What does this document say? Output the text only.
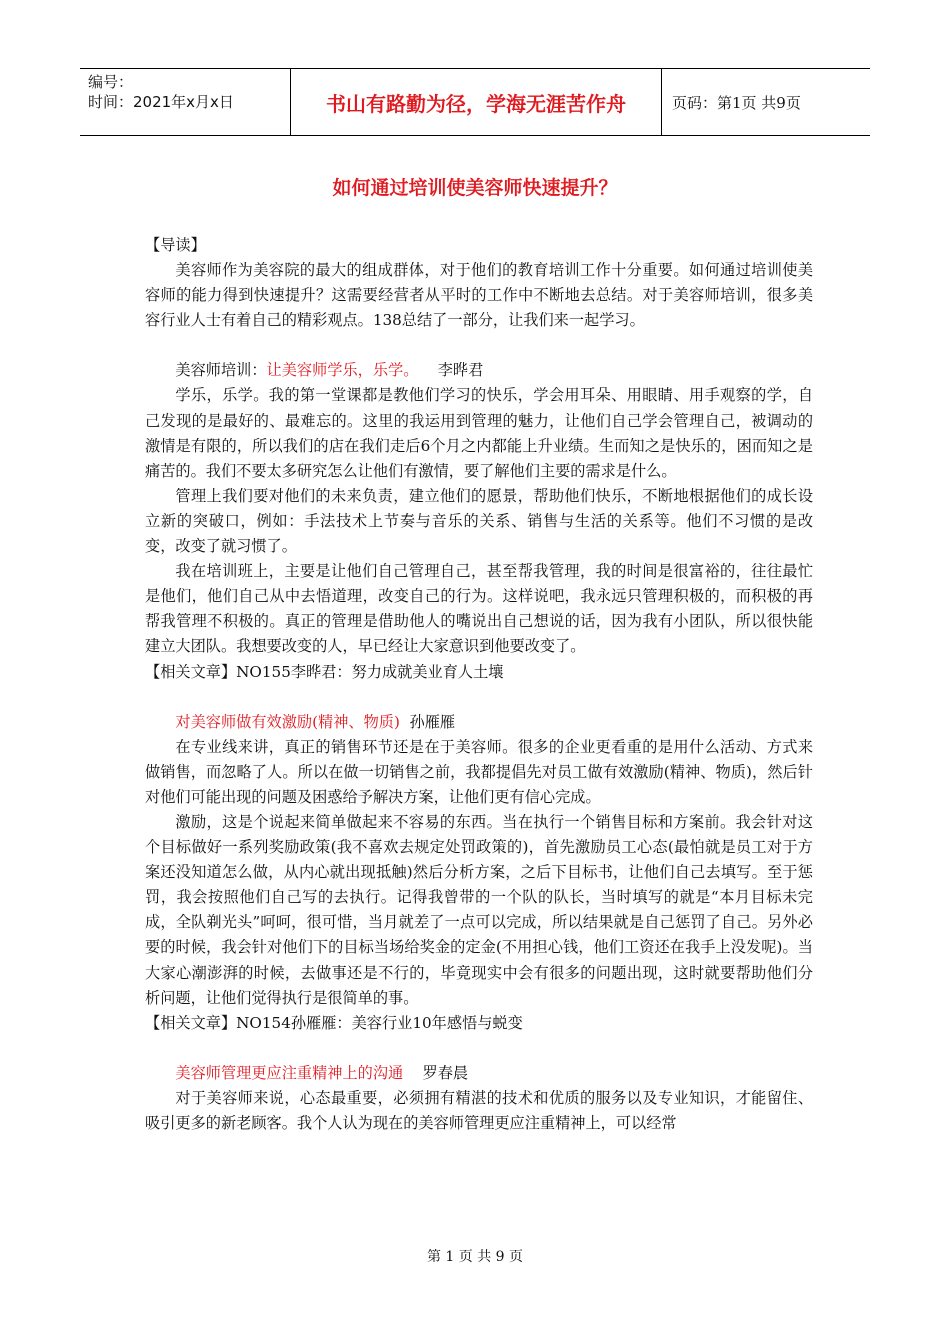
编号：
时间：2021年x月x日	书山有路勤为径，学海无涯苦作舟	页码：第1页 共9页
如何通过培训使美容师快速提升？

【导读】

美容师作为美容院的最大的组成群体，对于他们的教育培训工作十分重要。如何通过培训使美容师的能力得到快速提升？这需要经营者从平时的工作中不断地去总结。对于美容师培训，很多美容行业人士有着自己的精彩观点。138总结了一部分，让我们来一起学习。

美容师培训：让美容师学乐，乐学。 李晔君

学乐，乐学。我的第一堂课都是教他们学习的快乐，学会用耳朵、用眼睛、用手观察的学，自己发现的是最好的、最难忘的。这里的我运用到管理的魅力，让他们自己学会管理自己，被调动的激情是有限的，所以我们的店在我们走后6个月之内都能上升业绩。生而知之是快乐的，困而知之是痛苦的。我们不要太多研究怎么让他们有激情，要了解他们主要的需求是什么。

管理上我们要对他们的未来负责，建立他们的愿景，帮助他们快乐，不断地根据他们的成长设立新的突破口，例如：手法技术上节奏与音乐的关系、销售与生活的关系等。他们不习惯的是改变，改变了就习惯了。

我在培训班上，主要是让他们自己管理自己，甚至帮我管理，我的时间是很富裕的，往往最忙是他们，他们自己从中去悟道理，改变自己的行为。这样说吧，我永远只管理积极的，而积极的再帮我管理不积极的。真正的管理是借助他人的嘴说出自己想说的话，因为我有小团队，所以很快能建立大团队。我想要改变的人，早已经让大家意识到他要改变了。

【相关文章】NO155李晔君：努力成就美业育人土壤

对美容师做有效激励(精神、物质) 孙雁雁

在专业线来讲，真正的销售环节还是在于美容师。很多的企业更看重的是用什么活动、方式来做销售，而忽略了人。所以在做一切销售之前，我都提倡先对员工做有效激励(精神、物质)，然后针对他们可能出现的问题及困惑给予解决方案，让他们更有信心完成。

激励，这是个说起来简单做起来不容易的东西。当在执行一个销售目标和方案前。我会针对这个目标做好一系列奖励政策(我不喜欢去规定处罚政策的)，首先激励员工心态(最怕就是员工对于方案还没知道怎么做，从内心就出现抵触)然后分析方案，之后下目标书，让他们自己去填写。至于惩罚，我会按照他们自己写的去执行。记得我曾带的一个队的队长，当时填写的就是“本月目标未完成，全队剃光头”呵呵，很可惜，当月就差了一点可以完成，所以结果就是自己惩罚了自己。另外必要的时候，我会针对他们下的目标当场给奖金的定金(不用担心钱，他们工资还在我手上没发呢)。当大家心潮澎湃的时候，去做事还是不行的，毕竟现实中会有很多的问题出现，这时就要帮助他们分析问题，让他们觉得执行是很简单的事。

【相关文章】NO154孙雁雁：美容行业10年感悟与蜕变

美容师管理更应注重精神上的沟通 罗春晨

对于美容师来说，心态最重要，必须拥有精湛的技术和优质的服务以及专业知识，才能留住、吸引更多的新老顾客。我个人认为现在的美容师管理更应注重精神上，可以经常

第 1 页 共 9 页
